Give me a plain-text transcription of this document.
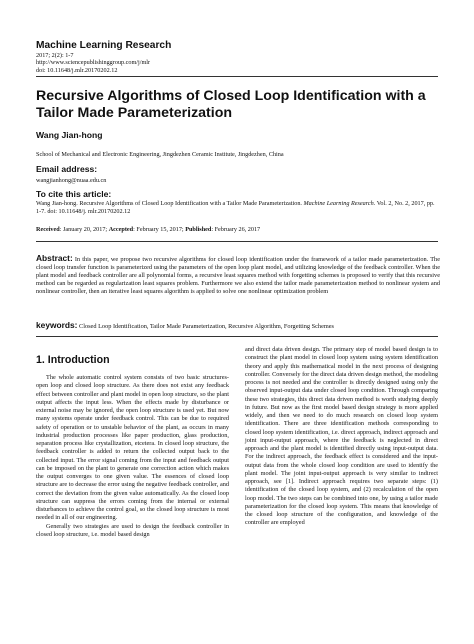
Machine Learning Research
2017; 2(2): 1-7
http://www.sciencepublishinggroup.com/j/mlr
doi: 10.11648/j.mlr.20170202.12
Recursive Algorithms of Closed Loop Identification with a Tailor Made Parameterization
Wang Jian-hong
School of Mechanical and Electronic Engineering, Jingdezhen Ceramic Institute, Jingdezhen, China
Email address:
wangjianhong@nuaa.edu.cn
To cite this article:
Wang Jian-hong. Recursive Algorithms of Closed Loop Identification with a Tailor Made Parameterization. Machine Learning Research. Vol. 2, No. 2, 2017, pp. 1-7. doi: 10.11648/j. mlr.20170202.12
Received: January 20, 2017; Accepted: February 15, 2017; Published: February 26, 2017
Abstract: In this paper, we propose two recursive algorithms for closed loop identification under the framework of a tailor made parameterization. The closed loop transfer function is parameterized using the parameters of the open loop plant model, and utilizing knowledge of the feedback controller. When the plant model and feedback controller are all polynomial forms, a recursive least squares method with forgetting schemes is proposed to verify that this recursive method can be regarded as regularization least squares problem. Furthermore we also extend the tailor made parameterization method to nonlinear system and nonlinear controller, then an iterative least squares algorithm is applied to solve one nonlinear optimization problem
keywords: Closed Loop Identification, Tailor Made Parameterization, Recursive Algorithm, Forgetting Schemes
1. Introduction

The whole automatic control system consists of two basic structures-open loop and closed loop structure. As there does not exist any feedback effect between controller and plant model in open loop structure, so the plant output affects the input less. When the effects made by disturbance or external noise may be ignored, the open loop structure is used yet. But now many systems operate under feedback control. This can be due to required safety of operation or to unstable behavior of the plant, as occurs in many industrial production processes like paper production, glass production, separation process like crystallization, etcetera. In closed loop structure, the feedback controller is added to return the collected output back to the collected input. The error signal coming from the input and feedback output can be imposed on the plant to generate one correction action which makes the output converges to one given value. The essences of closed loop structure are to decrease the error using the negative feedback controller, and correct the deviation from the given value automatically. As the closed loop structure can suppress the errors coming from the internal or external disturbances to achieve the control goal, so the closed loop structure is most needed in all of our engineering.

Generally two strategies are used to design the feedback controller in closed loop structure, i.e. model based design

and direct data driven design. The primary step of model based design is to construct the plant model in closed loop system using system identification theory and apply this mathematical model in the next process of designing controller. Conversely for the direct data driven design method, the modeling process is not needed and the controller is directly designed using only the observed input-output data under closed loop condition. Through comparing these two strategies, this direct data driven method is worth studying deeply in future. But now as the first model based design strategy is more applied widely, and then we need to do much research on closed loop system identification. There are three identification methods corresponding to closed loop system identification, i.e. direct approach, indirect approach and joint input-output approach, where the feedback is neglected in direct approach and the plant model is identified directly using input-output data. For the indirect approach, the feedback effect is considered and the input-output data from the whole closed loop condition are used to identify the plant model. The joint input-output approach is very similar to indirect approach, see [1]. Indirect approach requires two separate steps: (1) identification of the closed loop system, and (2) recalculation of the open loop model. The two steps can be combined into one, by using a tailor made parameterization for the closed loop system. This means that knowledge of the closed loop structure of the configuration, and knowledge of the controller are employed
